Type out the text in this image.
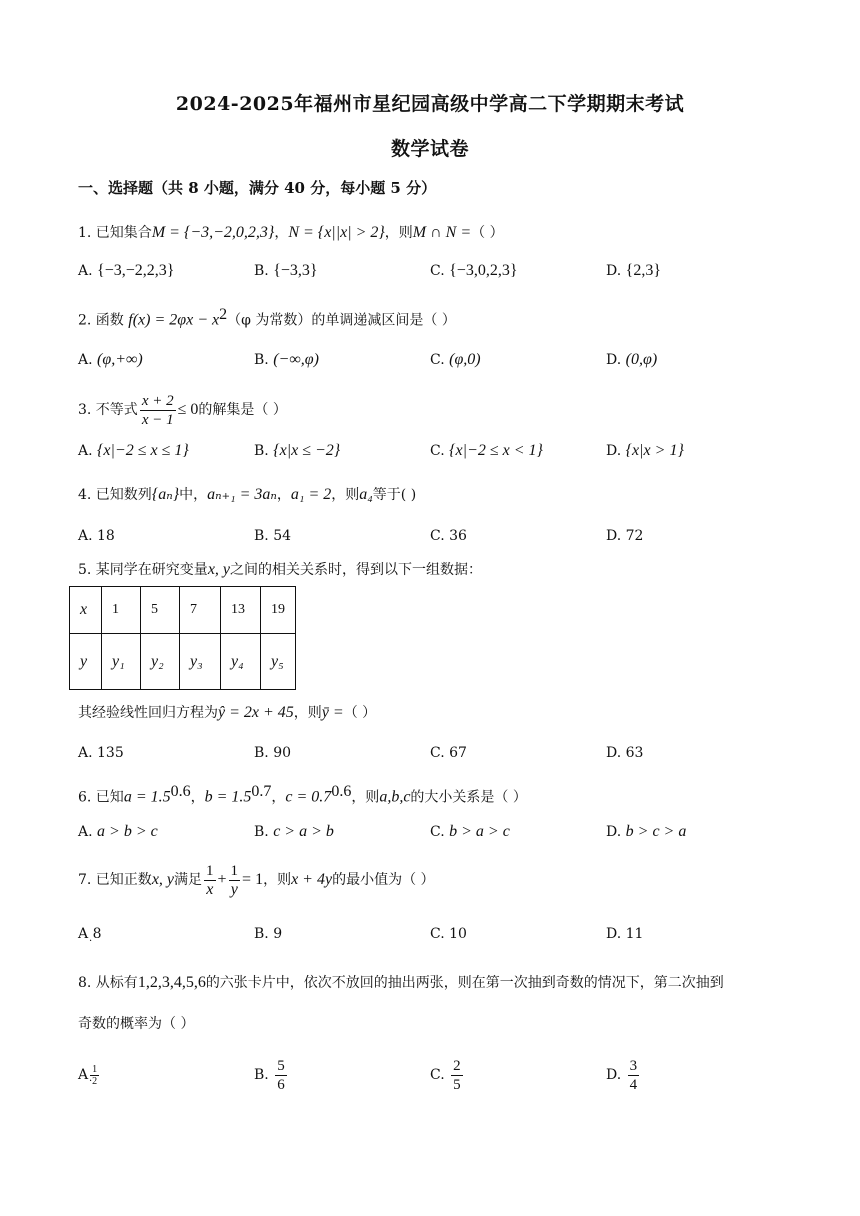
2024-2025年福州市星纪园高级中学高二下学期期末考试
数学试卷
一、选择题（共 8 小题，满分 40 分，每小题 5 分）
1. 已知集合M = {−3,−2,0,2,3}，N = {x||x| > 2}，则M ∩ N =（ ）
A. {−3,−2,2,3}	B. {−3,3}	C. {−3,0,2,3}	D. {2,3}
2. 函数 $f(x) = 2\varphi x - x^2(\varphi$ 为常数）的单调递减区间是（ ）
A. (φ,+∞)	B. (−∞,φ)	C. (φ,0)	D. (0,φ)
3. 不等式 $\frac{x + 2}{x - 1} \le 0$的解集是（ ）
A. {x|−2 ≤ x ≤ 1}	B. {x|x ≤ −2}	C. {x|−2 ≤ x < 1}	D. {x|x > 1}
4. 已知数列{aₙ}中，aₙ₊₁ = 3aₙ，a₁ = 2，则a₄等于( )
A. 18	B. 54	C. 36	D. 72
5. 某同学在研究变量x, y之间的相关关系时，得到以下一组数据：
x	1	5	7	13	19
y	y₁	y₂	y₃	y₄	y₅
其经验线性回归方程为ŷ = 2x + 45，则ȳ =（ ）
A. 135	B. 90	C. 67	D. 63
6. 已知$a = 1.5^{0.6}$，$b = 1.5^{0.7}$，$c = 0.7^{0.6}$，则a,b,c的大小关系是（ ）
A. a > b > c	B. c > a > b	C. b > a > c	D. b > c > a
7. 已知正数x, y满足 $\frac{1}{x} + \frac{1}{y} = 1$，则x + 4y的最小值为（ ）
A 8
·	B. 9	C. 10	D. 11
8. 从标有1,2,3,4,5,6的六张卡片中，依次不放回的抽出两张，则在第一次抽到奇数的情况下，第二次抽到
奇数的概率为（ ）
A $\frac{1}{2}$
·	B. $\frac{5}{6}$	C. $\frac{2}{5}$	D. $\frac{3}{4}$
